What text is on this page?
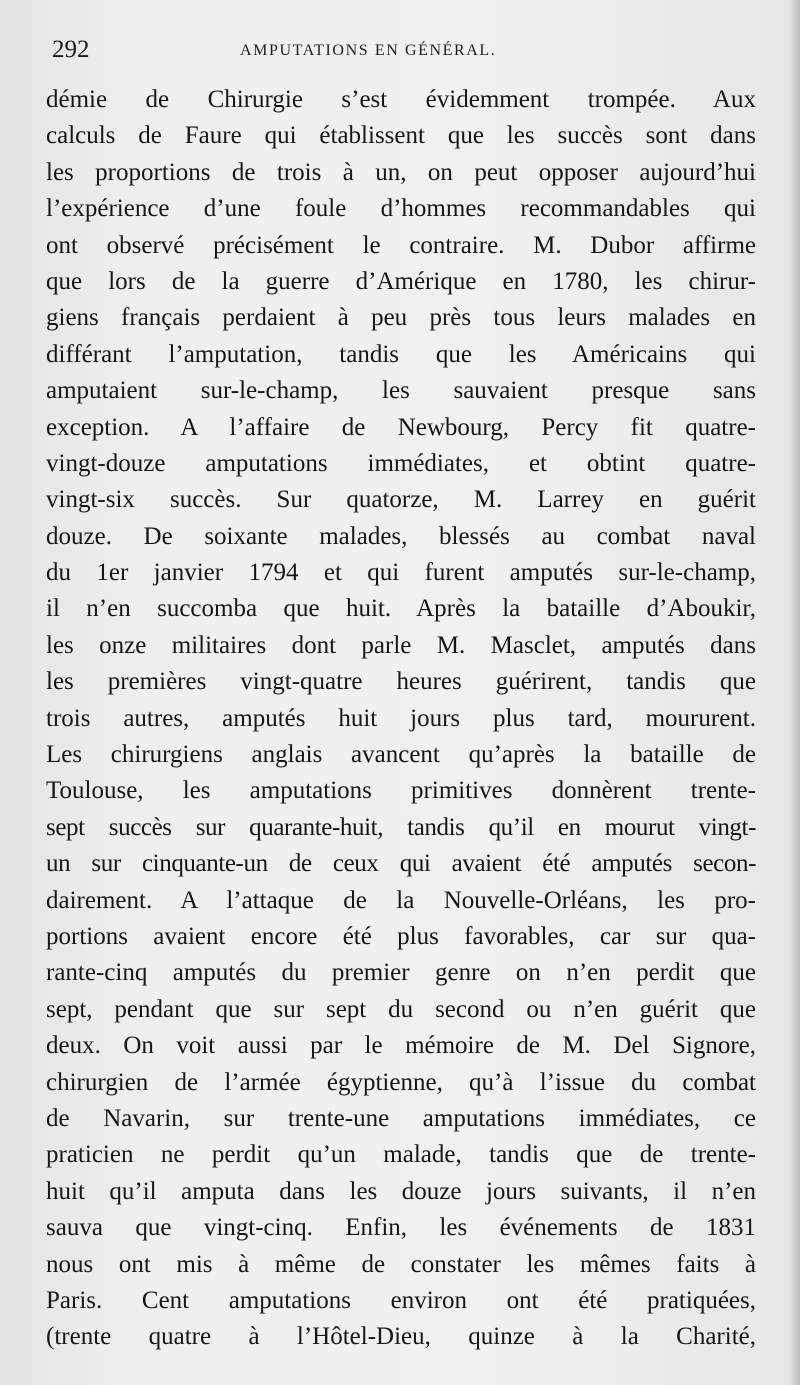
292	AMPUTATIONS EN GÉNÉRAL.
démie de Chirurgie s’est évidemment trompée. Aux
calculs de Faure qui établissent que les succès sont dans
les proportions de trois à un, on peut opposer aujourd’hui
l’expérience d’une foule d’hommes recommandables qui
ont observé précisément le contraire. M. Dubor affirme
que lors de la guerre d’Amérique en 1780, les chirur-
giens français perdaient à peu près tous leurs malades en
différant l’amputation, tandis que les Américains qui
amputaient sur-le-champ, les sauvaient presque sans
exception. A l’affaire de Newbourg, Percy fit quatre-
vingt-douze amputations immédiates, et obtint quatre-
vingt-six succès. Sur quatorze, M. Larrey en guérit
douze. De soixante malades, blessés au combat naval
du 1er janvier 1794 et qui furent amputés sur-le-champ,
il n’en succomba que huit. Après la bataille d’Aboukir,
les onze militaires dont parle M. Masclet, amputés dans
les premières vingt-quatre heures guérirent, tandis que
trois autres, amputés huit jours plus tard, moururent.
Les chirurgiens anglais avancent qu’après la bataille de
Toulouse, les amputations primitives donnèrent trente-
sept succès sur quarante-huit, tandis qu’il en mourut vingt-
un sur cinquante-un de ceux qui avaient été amputés secon-
dairement. A l’attaque de la Nouvelle-Orléans, les pro-
portions avaient encore été plus favorables, car sur qua-
rante-cinq amputés du premier genre on n’en perdit que
sept, pendant que sur sept du second ou n’en guérit que
deux. On voit aussi par le mémoire de M. Del Signore,
chirurgien de l’armée égyptienne, qu’à l’issue du combat
de Navarin, sur trente-une amputations immédiates, ce
praticien ne perdit qu’un malade, tandis que de trente-
huit qu’il amputa dans les douze jours suivants, il n’en
sauva que vingt-cinq. Enfin, les événements de 1831
nous ont mis à même de constater les mêmes faits à
Paris. Cent amputations environ ont été pratiquées,
(trente quatre à l’Hôtel-Dieu, quinze à la Charité,
